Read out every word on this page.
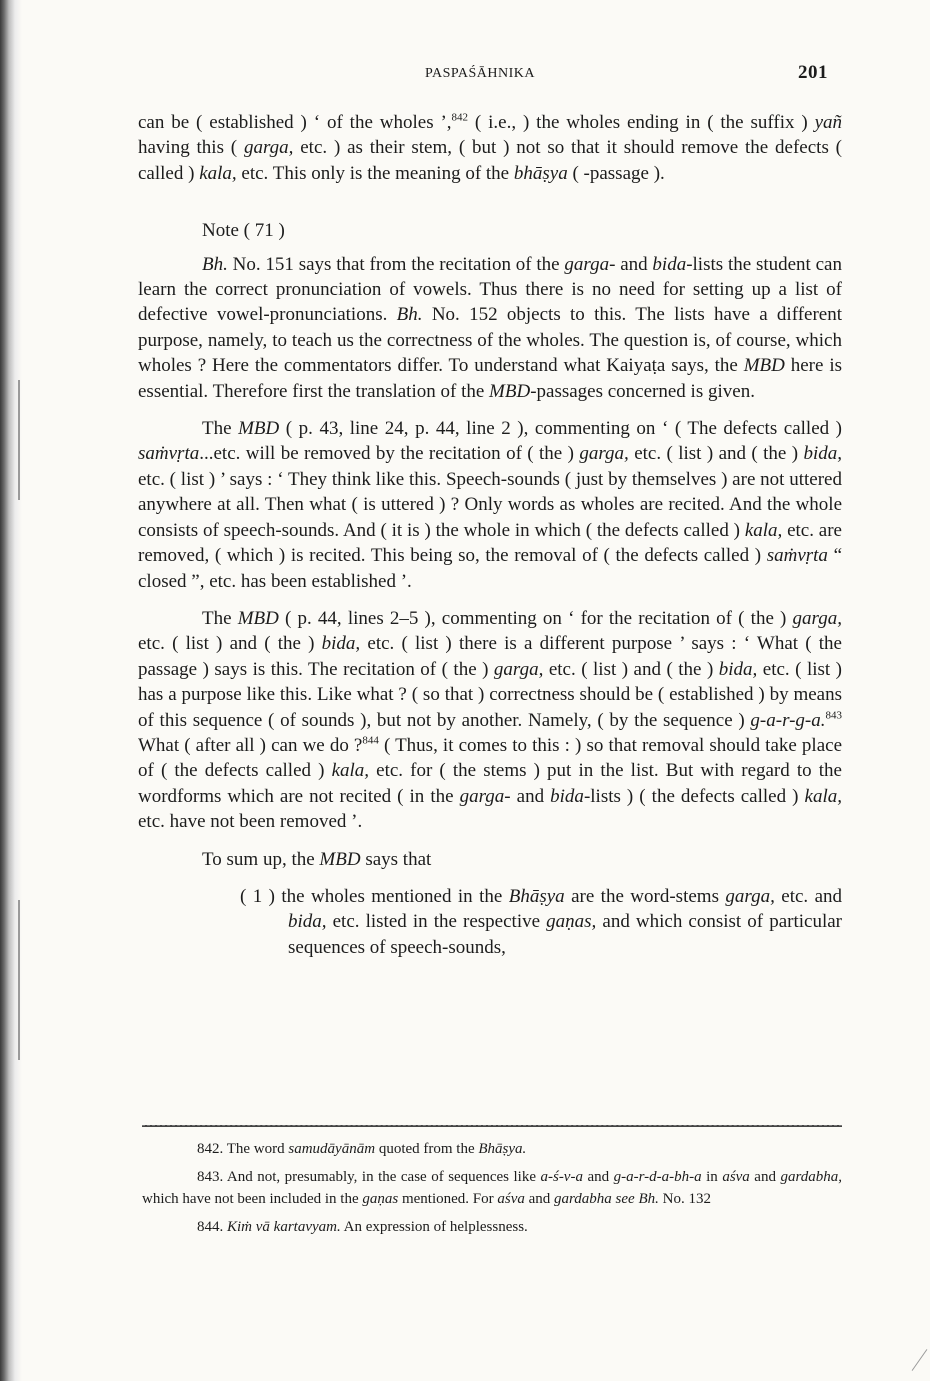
PASPAŚĀHNIKA	201

can be ( established ) ‘ of the wholes ’,$^{842}$ ( i.e., ) the wholes ending in ( the suffix ) yañ having this ( garga, etc. ) as their stem, ( but ) not so that it should remove the defects ( called ) kala, etc. This only is the meaning of the bhāṣya ( -passage ).

Note ( 71 )

Bh. No. 151 says that from the recitation of the garga- and bida-lists the student can learn the correct pronunciation of vowels. Thus there is no need for setting up a list of defective vowel-pronunciations. Bh. No. 152 objects to this. The lists have a different purpose, namely, to teach us the correctness of the wholes. The question is, of course, which wholes ? Here the commentators differ. To understand what Kaiyaṭa says, the MBD here is essential. Therefore first the translation of the MBD-passages concerned is given.

The MBD ( p. 43, line 24, p. 44, line 2 ), commenting on ‘ ( The defects called ) saṁvṛta...etc. will be removed by the recitation of ( the ) garga, etc. ( list ) and ( the ) bida, etc. ( list ) ’ says : ‘ They think like this. Speech-sounds ( just by themselves ) are not uttered anywhere at all. Then what ( is uttered ) ? Only words as wholes are recited. And the whole consists of speech-sounds. And ( it is ) the whole in which ( the defects called ) kala, etc. are removed, ( which ) is recited. This being so, the removal of ( the defects called ) saṁvṛta “ closed ”, etc. has been established ’.

The MBD ( p. 44, lines 2–5 ), commenting on ‘ for the recitation of ( the ) garga, etc. ( list ) and ( the ) bida, etc. ( list ) there is a different purpose ’ says : ‘ What ( the passage ) says is this. The recitation of ( the ) garga, etc. ( list ) and ( the ) bida, etc. ( list ) has a purpose like this. Like what ? ( so that ) correctness should be ( established ) by means of this sequence ( of sounds ), but not by another. Namely, ( by the sequence ) g-a-r-g-a.$^{843}$ What ( after all ) can we do ?$^{844}$ ( Thus, it comes to this : ) so that removal should take place of ( the defects called ) kala, etc. for ( the stems ) put in the list. But with regard to the wordforms which are not recited ( in the garga- and bida-lists ) ( the defects called ) kala, etc. have not been removed ’.

To sum up, the MBD says that

( 1 ) the wholes mentioned in the Bhāṣya are the word-stems garga, etc. and bida, etc. listed in the respective gaṇas, and which consist of particular sequences of speech-sounds,

842. The word samudāyānām quoted from the Bhāṣya.

843. And not, presumably, in the case of sequences like a-ś-v-a and g-a-r-d-a-bh-a in aśva and gardabha, which have not been included in the gaṇas mentioned. For aśva and gardabha see Bh. No. 132

844. Kiṁ vā kartavyam. An expression of helplessness.
